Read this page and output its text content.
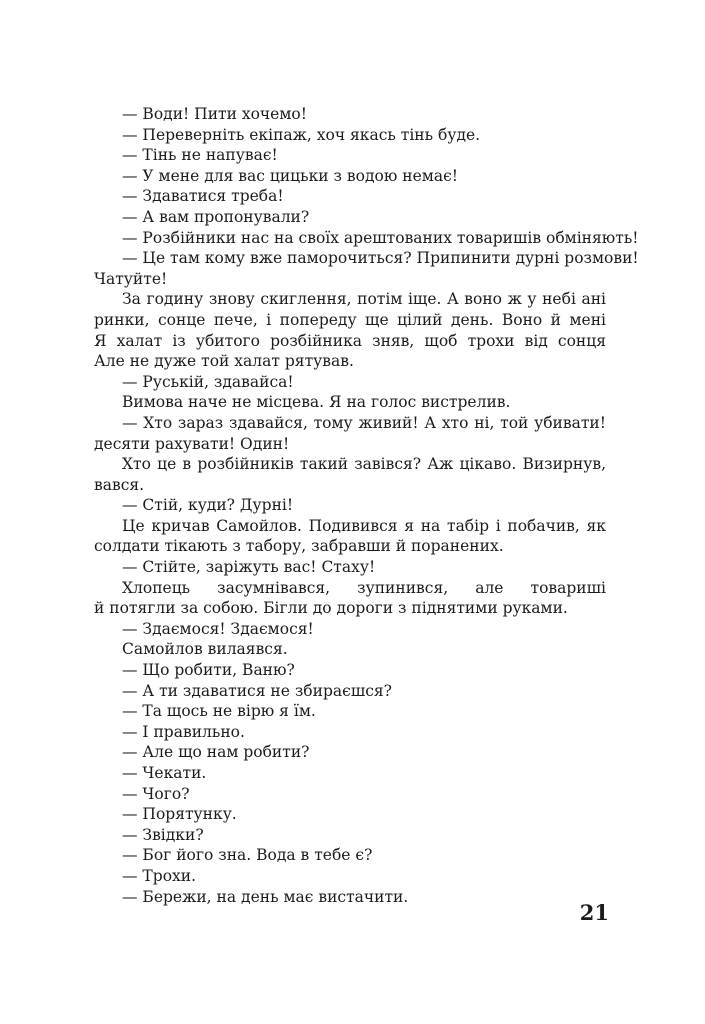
— Води! Пити хочемо!
— Переверніть екіпаж, хоч якась тінь буде.
— Тінь не напуває!
— У мене для вас цицьки з водою немає!
— Здаватися треба!
— А вам пропонували?
— Розбійники нас на своїх арештованих товаришів обміняють!
— Це там кому вже паморочиться? Припинити дурні розмови!
Чатуйте!
За годину знову скиглення, потім іще. А воно ж у небі ані
ринки, сонце пече, і попереду ще цілий день. Воно й мені
Я халат із убитого розбійника зняв, щоб трохи від сонця
Але не дуже той халат рятував.
— Руській, здавайса!
Вимова наче не місцева. Я на голос вистрелив.
— Хто зараз здавайся, тому живий! А хто ні, той убивати!
десяти рахувати! Один!
Хто це в розбійників такий завівся? Аж цікаво. Визирнув,
вався.
— Стій, куди? Дурні!
Це кричав Самойлов. Подивився я на табір і побачив, як
солдати тікають з табору, забравши й поранених.
— Стійте, заріжуть вас! Стаху!
Хлопець засумнівався, зупинився, але товариші
й потягли за собою. Бігли до дороги з піднятими руками.
— Здаємося! Здаємося!
Самойлов вилаявся.
— Що робити, Ваню?
— А ти здаватися не збираєшся?
— Та щось не вірю я їм.
— І правильно.
— Але що нам робити?
— Чекати.
— Чого?
— Порятунку.
— Звідки?
— Бог його зна. Вода в тебе є?
— Трохи.
— Бережи, на день має вистачити.
21
